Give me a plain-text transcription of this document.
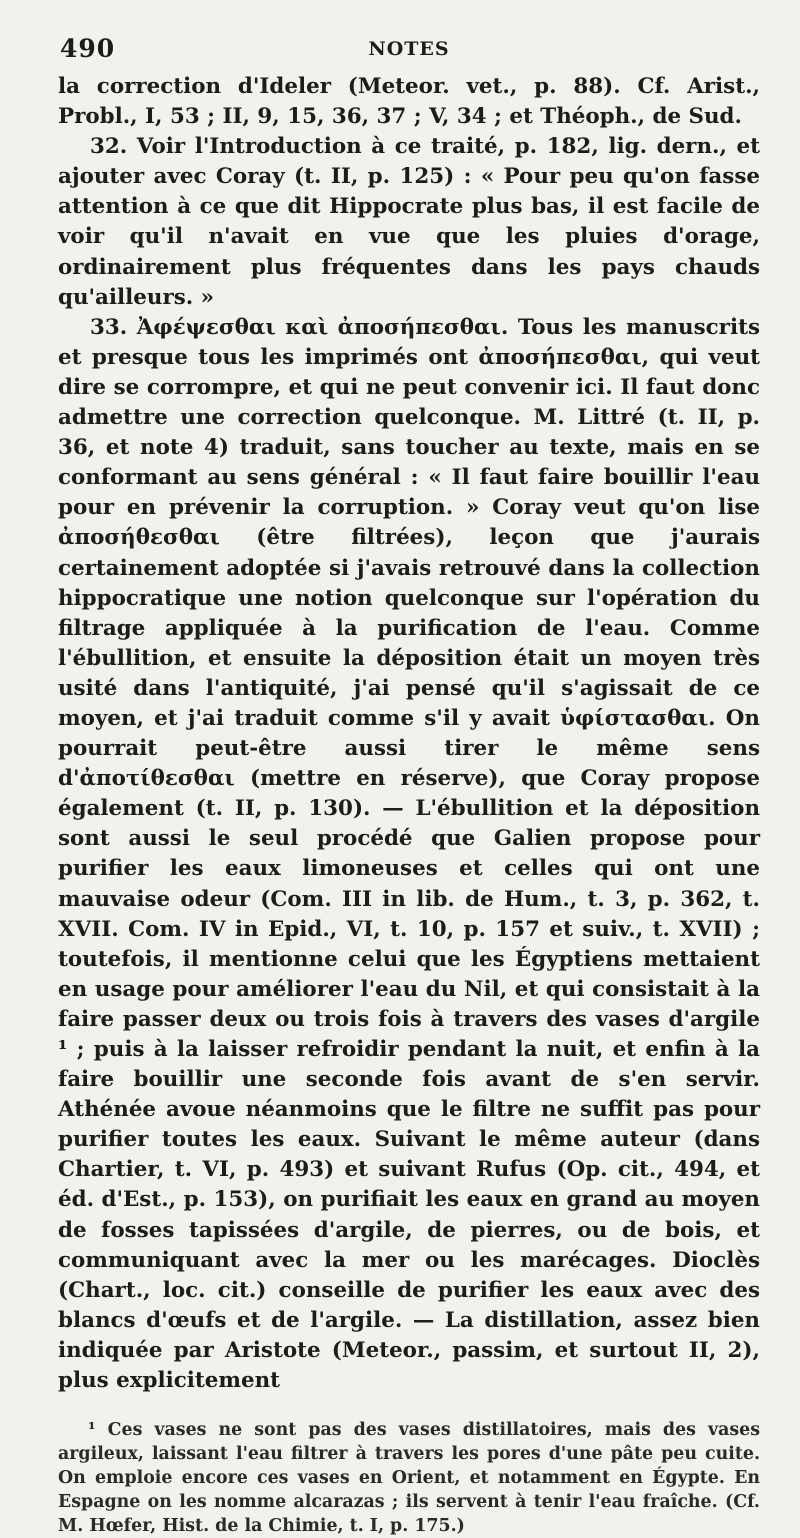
490	NOTES

la correction d'Ideler (Meteor. vet., p. 88). Cf. Arist., Probl., I, 53 ; II, 9, 15, 36, 37 ; V, 34 ; et Théoph., de Sud.

32. Voir l'Introduction à ce traité, p. 182, lig. dern., et ajouter avec Coray (t. II, p. 125) : « Pour peu qu'on fasse attention à ce que dit Hippocrate plus bas, il est facile de voir qu'il n'avait en vue que les pluies d'orage, ordinairement plus fréquentes dans les pays chauds qu'ailleurs. »

33. Ἀφέψεσθαι καὶ ἀποσήπεσθαι. Tous les manuscrits et presque tous les imprimés ont ἀποσήπεσθαι, qui veut dire se corrompre, et qui ne peut convenir ici. Il faut donc admettre une correction quelconque. M. Littré (t. II, p. 36, et note 4) traduit, sans toucher au texte, mais en se conformant au sens général : « Il faut faire bouillir l'eau pour en prévenir la corruption. » Coray veut qu'on lise ἀποσήθεσθαι (être filtrées), leçon que j'aurais certainement adoptée si j'avais retrouvé dans la collection hippocratique une notion quelconque sur l'opération du filtrage appliquée à la purification de l'eau. Comme l'ébullition, et ensuite la déposition était un moyen très usité dans l'antiquité, j'ai pensé qu'il s'agissait de ce moyen, et j'ai traduit comme s'il y avait ὑφίστασθαι. On pourrait peut-être aussi tirer le même sens d'ἀποτίθεσθαι (mettre en réserve), que Coray propose également (t. II, p. 130). — L'ébullition et la déposition sont aussi le seul procédé que Galien propose pour purifier les eaux limoneuses et celles qui ont une mauvaise odeur (Com. III in lib. de Hum., t. 3, p. 362, t. XVII. Com. IV in Epid., VI, t. 10, p. 157 et suiv., t. XVII) ; toutefois, il mentionne celui que les Égyptiens mettaient en usage pour améliorer l'eau du Nil, et qui consistait à la faire passer deux ou trois fois à travers des vases d'argile ¹ ; puis à la laisser refroidir pendant la nuit, et enfin à la faire bouillir une seconde fois avant de s'en servir. Athénée avoue néanmoins que le filtre ne suffit pas pour purifier toutes les eaux. Suivant le même auteur (dans Chartier, t. VI, p. 493) et suivant Rufus (Op. cit., 494, et éd. d'Est., p. 153), on purifiait les eaux en grand au moyen de fosses tapissées d'argile, de pierres, ou de bois, et communiquant avec la mer ou les marécages. Dioclès (Chart., loc. cit.) conseille de purifier les eaux avec des blancs d'œufs et de l'argile. — La distillation, assez bien indiquée par Aristote (Meteor., passim, et surtout II, 2), plus explicitement

¹ Ces vases ne sont pas des vases distillatoires, mais des vases argileux, laissant l'eau filtrer à travers les pores d'une pâte peu cuite. On emploie encore ces vases en Orient, et notamment en Égypte. En Espagne on les nomme alcarazas ; ils servent à tenir l'eau fraîche. (Cf. M. Hœfer, Hist. de la Chimie, t. I, p. 175.)
